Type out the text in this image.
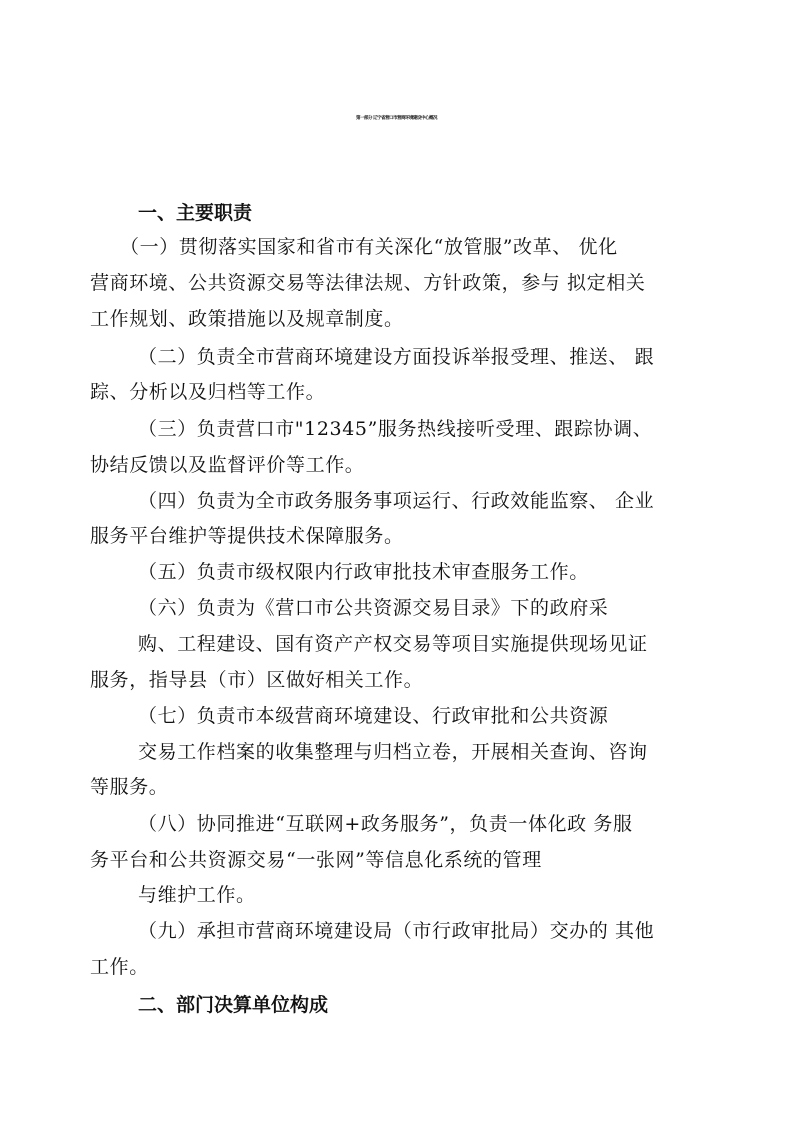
第一部分 辽宁省营口市营商环境建设中心概况
一、主要职责
（一）贯彻落实国家和省市有关深化“放管服”改革、 优化
营商环境、公共资源交易等法律法规、方针政策，参与 拟定相关
工作规划、政策措施以及规章制度。
（二）负责全市营商环境建设方面投诉举报受理、推送、 跟
踪、分析以及归档等工作。
（三）负责营口市"12345”服务热线接听受理、跟踪协调、
协结反馈以及监督评价等工作。
（四）负责为全市政务服务事项运行、行政效能监察、 企业
服务平台维护等提供技术保障服务。
（五）负责市级权限内行政审批技术审查服务工作。
（六）负责为《营口市公共资源交易目录》下的政府采
购、工程建设、国有资产产权交易等项目实施提供现场见证
服务，指导县（市）区做好相关工作。
（七）负责市本级营商环境建设、行政审批和公共资源
交易工作档案的收集整理与归档立卷，开展相关查询、咨询
等服务。
（八）协同推进“互联网+政务服务”，负责一体化政 务服
务平台和公共资源交易“一张网”等信息化系统的管理
与维护工作。
（九）承担市营商环境建设局（市行政审批局）交办的 其他
工作。
二、部门决算单位构成
